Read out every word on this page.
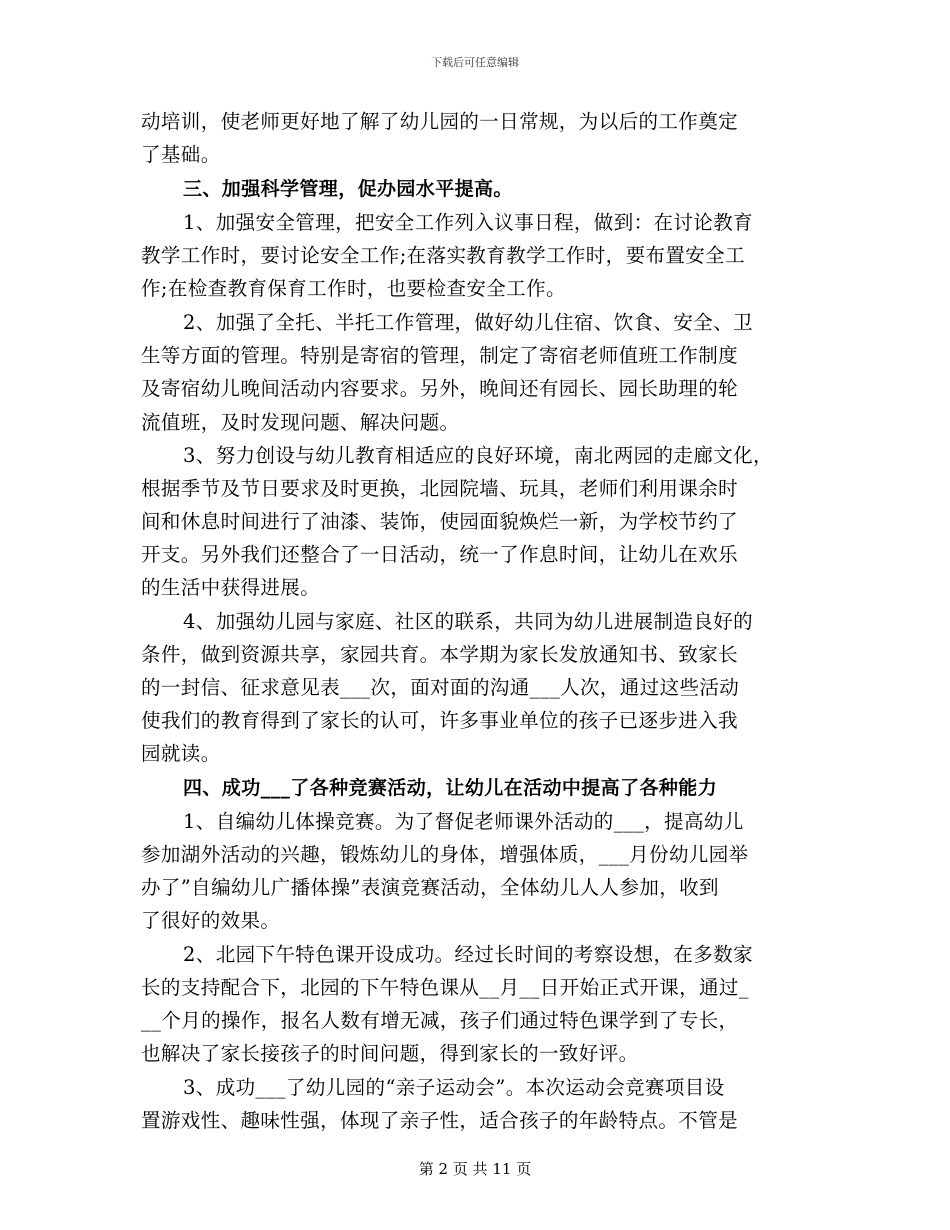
下载后可任意编辑
动培训，使老师更好地了解了幼儿园的一日常规，为以后的工作奠定
了基础。
三、加强科学管理，促办园水平提高。
1、加强安全管理，把安全工作列入议事日程，做到：在讨论教育
教学工作时，要讨论安全工作;在落实教育教学工作时，要布置安全工
作;在检查教育保育工作时，也要检查安全工作。
2、加强了全托、半托工作管理，做好幼儿住宿、饮食、安全、卫
生等方面的管理。特别是寄宿的管理，制定了寄宿老师值班工作制度
及寄宿幼儿晚间活动内容要求。另外，晚间还有园长、园长助理的轮
流值班，及时发现问题、解决问题。
3、努力创设与幼儿教育相适应的良好环境，南北两园的走廊文化，
根据季节及节日要求及时更换，北园院墙、玩具，老师们利用课余时
间和休息时间进行了油漆、装饰，使园面貌焕烂一新，为学校节约了
开支。另外我们还整合了一日活动，统一了作息时间，让幼儿在欢乐
的生活中获得进展。
4、加强幼儿园与家庭、社区的联系，共同为幼儿进展制造良好的
条件，做到资源共享，家园共育。本学期为家长发放通知书、致家长
的一封信、征求意见表___次，面对面的沟通___人次，通过这些活动
使我们的教育得到了家长的认可，许多事业单位的孩子已逐步进入我
园就读。
四、成功___了各种竞赛活动，让幼儿在活动中提高了各种能力
1、自编幼儿体操竞赛。为了督促老师课外活动的___，提高幼儿
参加湖外活动的兴趣，锻炼幼儿的身体，增强体质，___月份幼儿园举
办了”自编幼儿广播体操”表演竞赛活动，全体幼儿人人参加，收到
了很好的效果。
2、北园下午特色课开设成功。经过长时间的考察设想，在多数家
长的支持配合下，北园的下午特色课从__月__日开始正式开课，通过_
__个月的操作，报名人数有增无减，孩子们通过特色课学到了专长，
也解决了家长接孩子的时间问题，得到家长的一致好评。
3、成功___了幼儿园的“亲子运动会”。本次运动会竞赛项目设
置游戏性、趣味性强，体现了亲子性，适合孩子的年龄特点。不管是
第 2 页 共 11 页
